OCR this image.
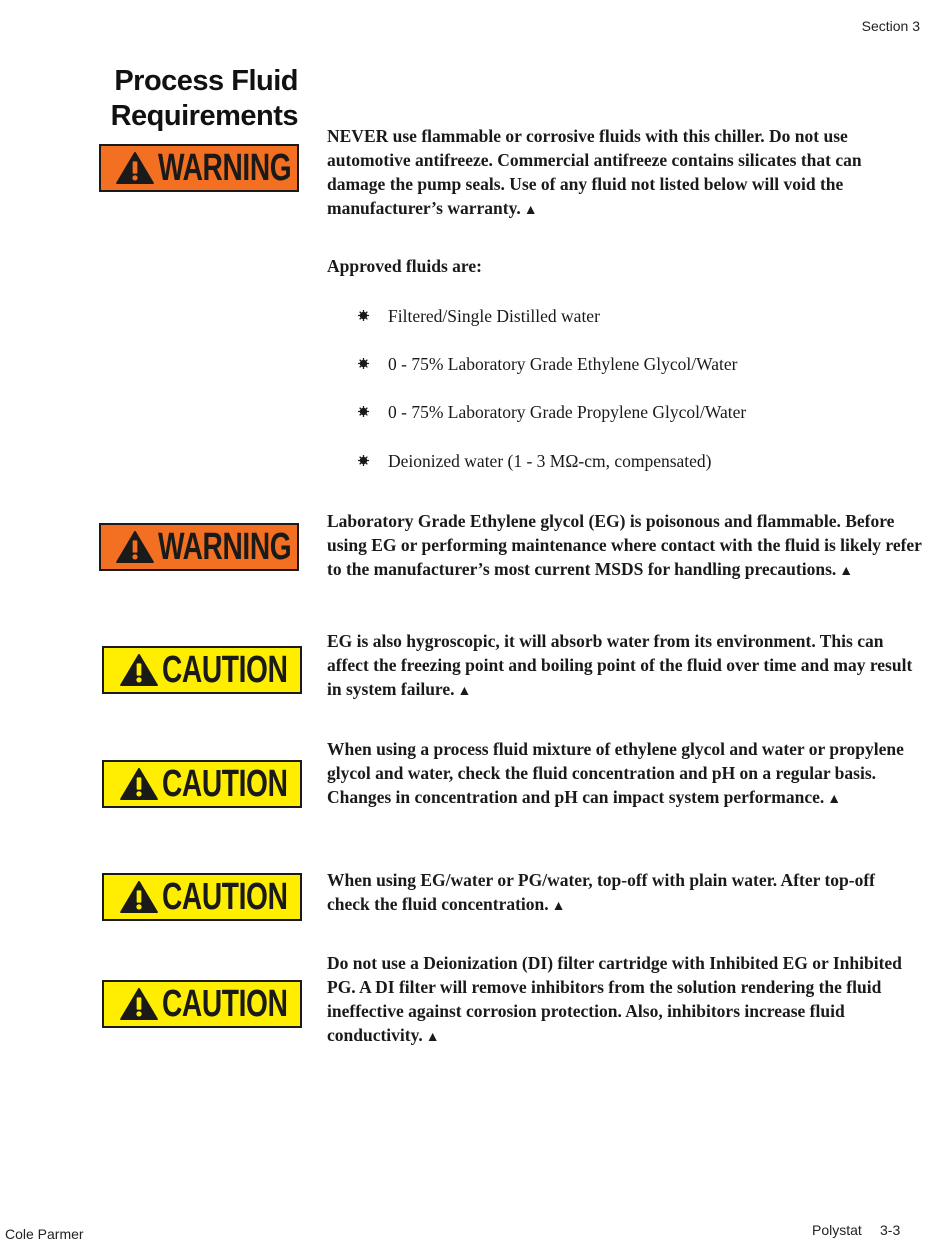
Section 3
Process Fluid
Requirements
WARNING
NEVER use flammable or corrosive fluids with this chiller. Do not use automotive antifreeze. Commercial antifreeze contains silicates that can damage the pump seals. Use of any fluid not listed below will void the manufacturer’s warranty. ▲
Approved fluids are:
Filtered/Single Distilled water
0 - 75% Laboratory Grade Ethylene Glycol/Water
0 - 75% Laboratory Grade Propylene Glycol/Water
Deionized water (1 - 3 MΩ-cm, compensated)
WARNING
Laboratory Grade Ethylene glycol (EG) is poisonous and flammable. Before using EG or performing maintenance where contact with the fluid is likely refer to the manufacturer’s most current MSDS for handling precautions. ▲
CAUTION
EG is also hygroscopic, it will absorb water from its environment. This can affect the freezing point and boiling point of the fluid over time and may result in system failure. ▲
CAUTION
When using a process fluid mixture of ethylene glycol and water or propylene glycol and water, check the fluid concentration and pH on a regular basis. Changes in concentration and pH can impact system performance. ▲
CAUTION When using EG/water or PG/water, top-off with plain water. After top-off check the fluid concentration. ▲
CAUTION
Do not use a Deionization (DI) filter cartridge with Inhibited EG or Inhibited PG. A DI filter will remove inhibitors from the solution rendering the fluid ineffective against corrosion protection. Also, inhibitors increase fluid conductivity. ▲
Cole Parmer	Polystat 3-3
